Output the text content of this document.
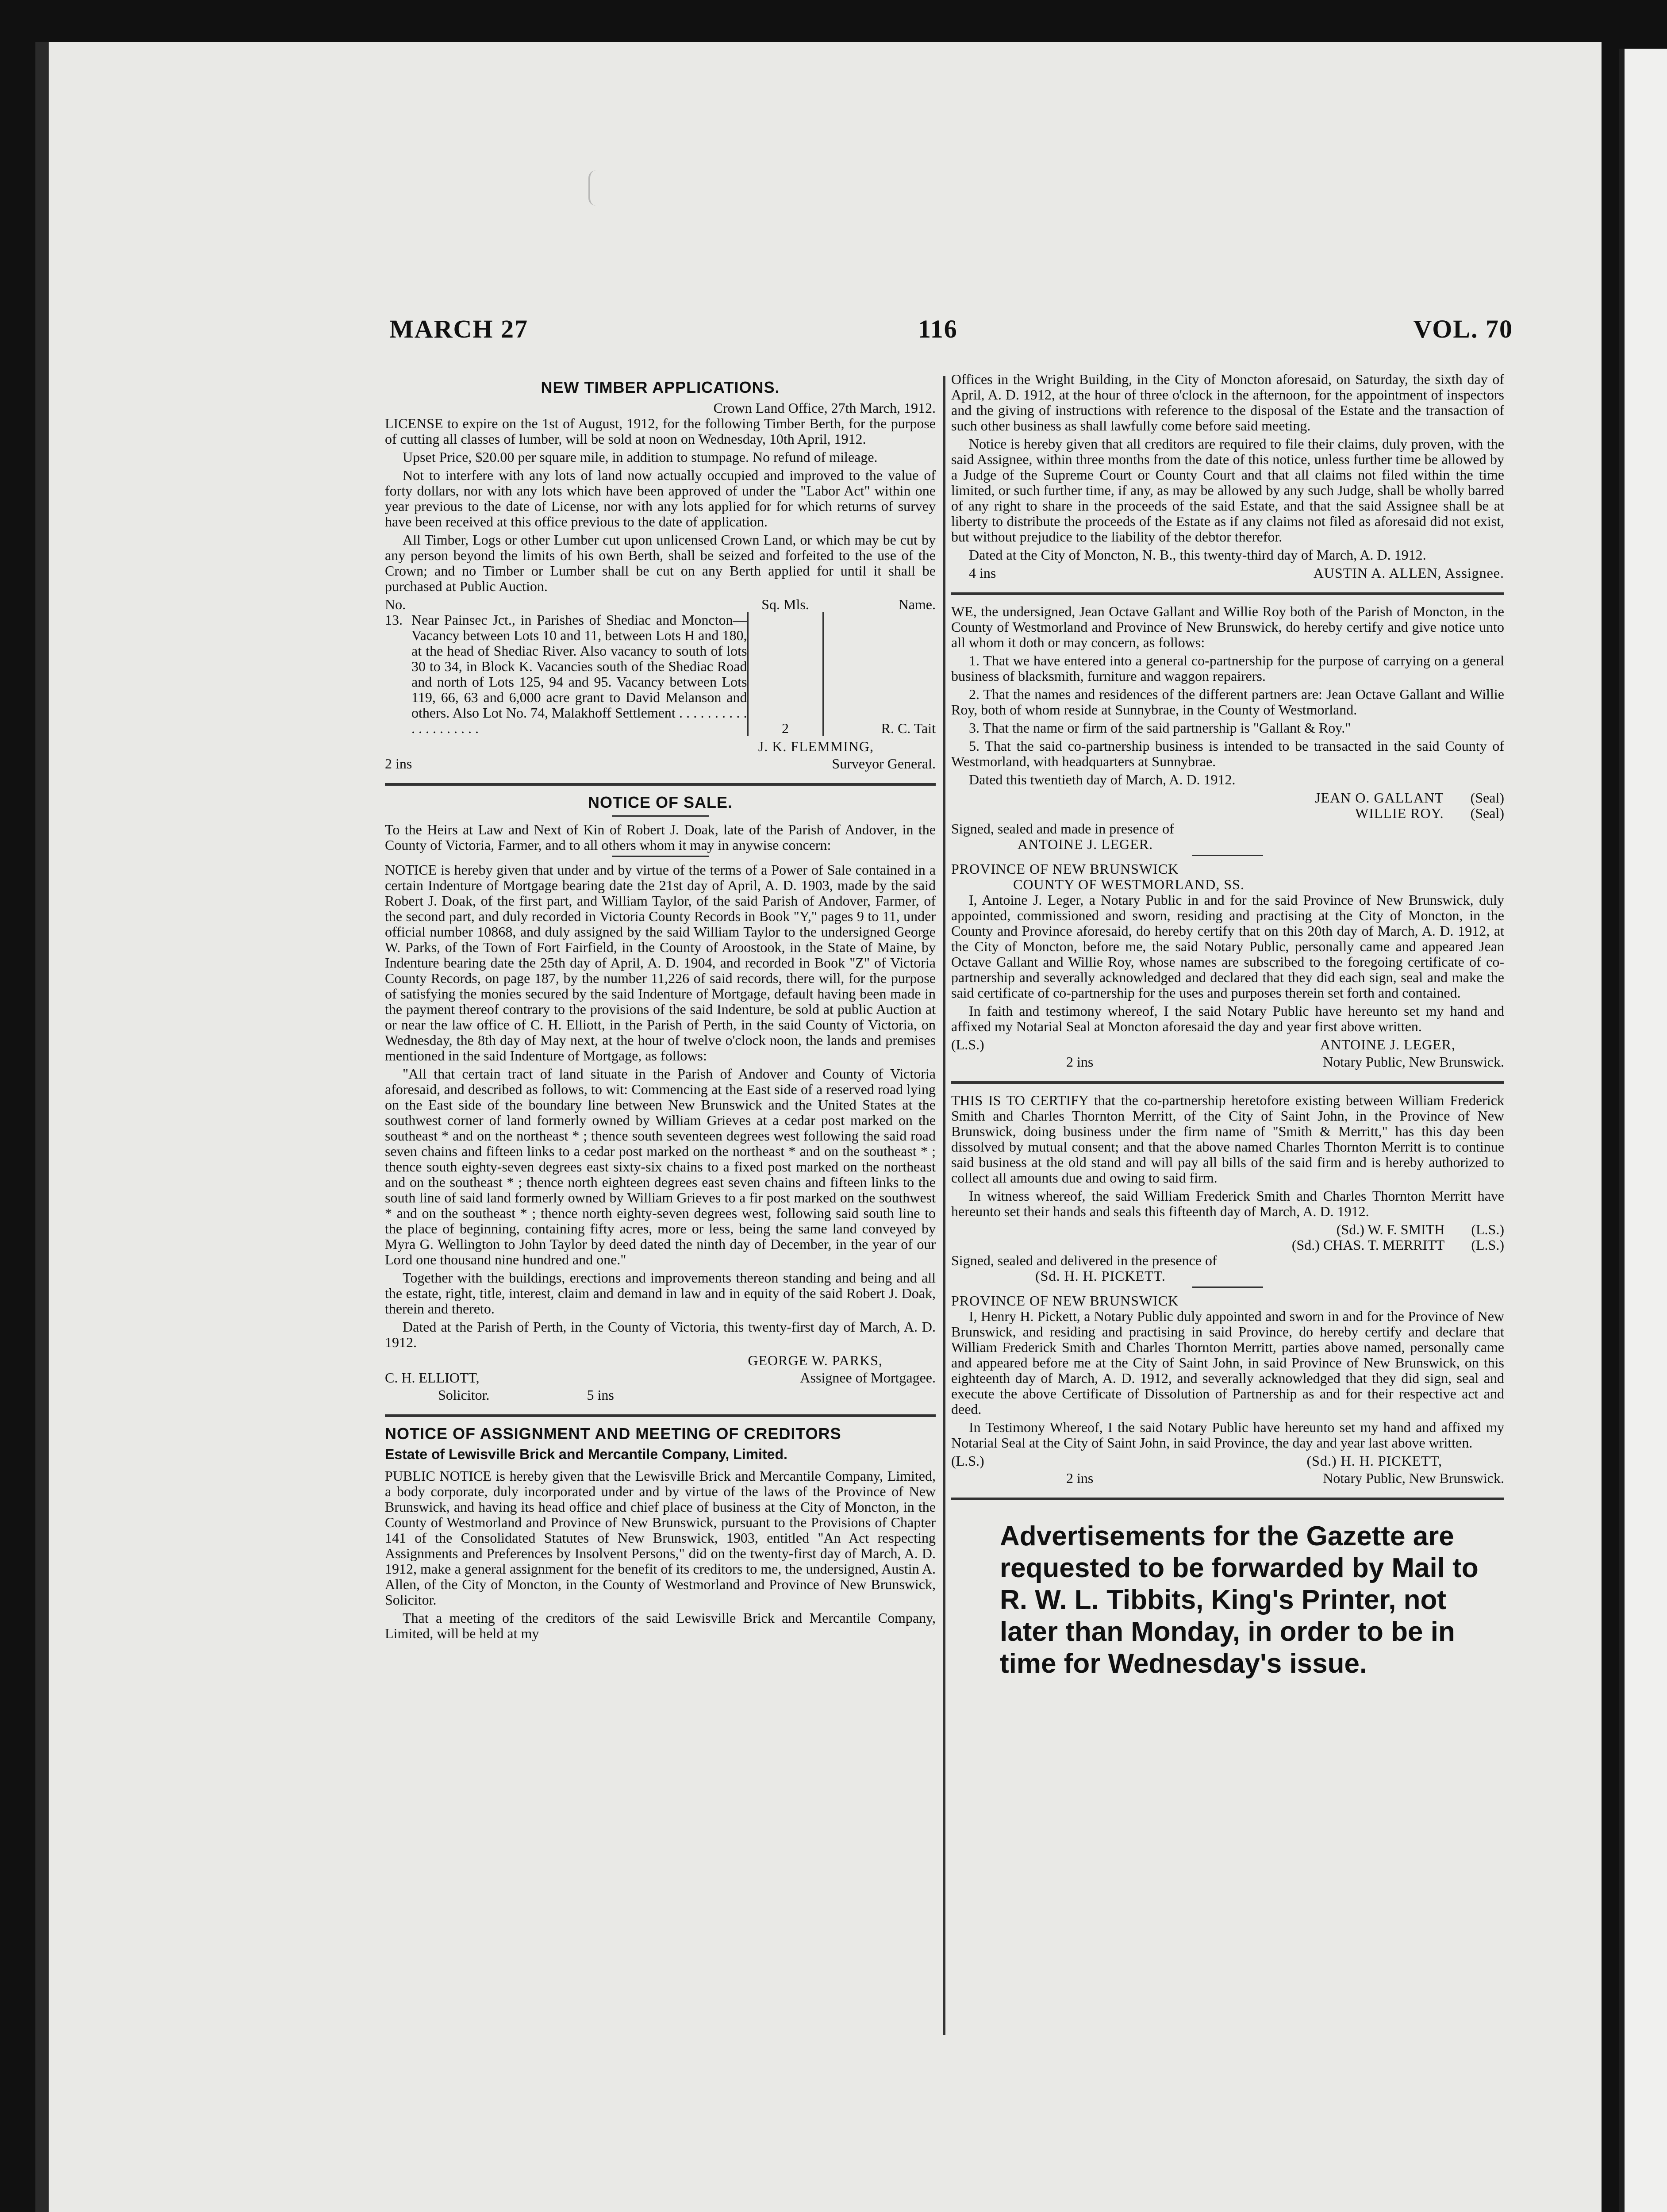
MARCH 27	116	VOL. 70
NEW TIMBER APPLICATIONS.
Crown Land Office, 27th March, 1912.

LICENSE to expire on the 1st of August, 1912, for the following Timber Berth, for the purpose of cutting all classes of lumber, will be sold at noon on Wednesday, 10th April, 1912.

Upset Price, $20.00 per square mile, in addition to stumpage. No refund of mileage.

Not to interfere with any lots of land now actually occupied and improved to the value of forty dollars, nor with any lots which have been approved of under the "Labor Act" within one year previous to the date of License, nor with any lots applied for for which returns of survey have been received at this office previous to the date of application.

All Timber, Logs or other Lumber cut upon unlicensed Crown Land, or which may be cut by any person beyond the limits of his own Berth, shall be seized and forfeited to the use of the Crown; and no Timber or Lumber shall be cut on any Berth applied for until it shall be purchased at Public Auction.

No.		Sq. Mls.	Name.
13.	Near Painsec Jct., in Parishes of Shediac and Moncton—Vacancy between Lots 10 and 11, between Lots H and 180, at the head of Shediac River. Also vacancy to south of lots 30 to 34, in Block K. Vacancies south of the Shediac Road and north of Lots 125, 94 and 95. Vacancy between Lots 119, 66, 63 and 6,000 acre grant to David Melanson and others. Also Lot No. 74, Malakhoff Settlement . . . . . . . . . . . . . . . . . . . .	2	R. C. Tait
J. K. FLEMMING,
2 ins	Surveyor General.
NOTICE OF SALE.

To the Heirs at Law and Next of Kin of Robert J. Doak, late of the Parish of Andover, in the County of Victoria, Farmer, and to all others whom it may in anywise concern:

NOTICE is hereby given that under and by virtue of the terms of a Power of Sale contained in a certain Indenture of Mortgage bearing date the 21st day of April, A. D. 1903, made by the said Robert J. Doak, of the first part, and William Taylor, of the said Parish of Andover, Farmer, of the second part, and duly recorded in Victoria County Records in Book "Y," pages 9 to 11, under official number 10868, and duly assigned by the said William Taylor to the undersigned George W. Parks, of the Town of Fort Fairfield, in the County of Aroostook, in the State of Maine, by Indenture bearing date the 25th day of April, A. D. 1904, and recorded in Book "Z" of Victoria County Records, on page 187, by the number 11,226 of said records, there will, for the purpose of satisfying the monies secured by the said Indenture of Mortgage, default having been made in the payment thereof contrary to the provisions of the said Indenture, be sold at public Auction at or near the law office of C. H. Elliott, in the Parish of Perth, in the said County of Victoria, on Wednesday, the 8th day of May next, at the hour of twelve o'clock noon, the lands and premises mentioned in the said Indenture of Mortgage, as follows:

"All that certain tract of land situate in the Parish of Andover and County of Victoria aforesaid, and described as follows, to wit: Commencing at the East side of a reserved road lying on the East side of the boundary line between New Brunswick and the United States at the southwest corner of land formerly owned by William Grieves at a cedar post marked on the southeast * and on the northeast * ; thence south seventeen degrees west following the said road seven chains and fifteen links to a cedar post marked on the northeast * and on the southeast * ; thence south eighty-seven degrees east sixty-six chains to a fixed post marked on the northeast and on the southeast * ; thence north eighteen degrees east seven chains and fifteen links to the south line of said land formerly owned by William Grieves to a fir post marked on the southwest * and on the southeast * ; thence north eighty-seven degrees west, following said south line to the place of beginning, containing fifty acres, more or less, being the same land conveyed by Myra G. Wellington to John Taylor by deed dated the ninth day of December, in the year of our Lord one thousand nine hundred and one."

Together with the buildings, erections and improvements thereon standing and being and all the estate, right, title, interest, claim and demand in law and in equity of the said Robert J. Doak, therein and thereto.

Dated at the Parish of Perth, in the County of Victoria, this twenty-first day of March, A. D. 1912.

GEORGE W. PARKS,
C. H. ELLIOTT,	Assignee of Mortgagee.
Solicitor.	5 ins
NOTICE OF ASSIGNMENT AND MEETING OF CREDITORS
Estate of Lewisville Brick and Mercantile Company, Limited.

PUBLIC NOTICE is hereby given that the Lewisville Brick and Mercantile Company, Limited, a body corporate, duly incorporated under and by virtue of the laws of the Province of New Brunswick, and having its head office and chief place of business at the City of Moncton, in the County of Westmorland and Province of New Brunswick, pursuant to the Provisions of Chapter 141 of the Consolidated Statutes of New Brunswick, 1903, entitled "An Act respecting Assignments and Preferences by Insolvent Persons," did on the twenty-first day of March, A. D. 1912, make a general assignment for the benefit of its creditors to me, the undersigned, Austin A. Allen, of the City of Moncton, in the County of Westmorland and Province of New Brunswick, Solicitor.

That a meeting of the creditors of the said Lewisville Brick and Mercantile Company, Limited, will be held at my

Offices in the Wright Building, in the City of Moncton aforesaid, on Saturday, the sixth day of April, A. D. 1912, at the hour of three o'clock in the afternoon, for the appointment of inspectors and the giving of instructions with reference to the disposal of the Estate and the transaction of such other business as shall lawfully come before said meeting.

Notice is hereby given that all creditors are required to file their claims, duly proven, with the said Assignee, within three months from the date of this notice, unless further time be allowed by a Judge of the Supreme Court or County Court and that all claims not filed within the time limited, or such further time, if any, as may be allowed by any such Judge, shall be wholly barred of any right to share in the proceeds of the said Estate, and that the said Assignee shall be at liberty to distribute the proceeds of the Estate as if any claims not filed as aforesaid did not exist, but without prejudice to the liability of the debtor therefor.

Dated at the City of Moncton, N. B., this twenty-third day of March, A. D. 1912.

4 ins	AUSTIN A. ALLEN, Assignee.

WE, the undersigned, Jean Octave Gallant and Willie Roy both of the Parish of Moncton, in the County of Westmorland and Province of New Brunswick, do hereby certify and give notice unto all whom it doth or may concern, as follows:

1. That we have entered into a general co-partnership for the purpose of carrying on a general business of blacksmith, furniture and waggon repairers.

2. That the names and residences of the different partners are: Jean Octave Gallant and Willie Roy, both of whom reside at Sunnybrae, in the County of Westmorland.

3. That the name or firm of the said partnership is "Gallant & Roy."

5. That the said co-partnership business is intended to be transacted in the said County of Westmorland, with headquarters at Sunnybrae.

Dated this twentieth day of March, A. D. 1912.

JEAN O. GALLANT (Seal)
WILLIE ROY. (Seal)
Signed, sealed and made in presence of
ANTOINE J. LEGER.
PROVINCE OF NEW BRUNSWICK
COUNTY OF WESTMORLAND, SS.

I, Antoine J. Leger, a Notary Public in and for the said Province of New Brunswick, duly appointed, commissioned and sworn, residing and practising at the City of Moncton, in the County and Province aforesaid, do hereby certify that on this 20th day of March, A. D. 1912, at the City of Moncton, before me, the said Notary Public, personally came and appeared Jean Octave Gallant and Willie Roy, whose names are subscribed to the foregoing certificate of co-partnership and severally acknowledged and declared that they did each sign, seal and make the said certificate of co-partnership for the uses and purposes therein set forth and contained.

In faith and testimony whereof, I the said Notary Public have hereunto set my hand and affixed my Notarial Seal at Moncton aforesaid the day and year first above written.

(L.S.)	ANTOINE J. LEGER,
2 ins	Notary Public, New Brunswick.

THIS IS TO CERTIFY that the co-partnership heretofore existing between William Frederick Smith and Charles Thornton Merritt, of the City of Saint John, in the Province of New Brunswick, doing business under the firm name of "Smith & Merritt," has this day been dissolved by mutual consent; and that the above named Charles Thornton Merritt is to continue said business at the old stand and will pay all bills of the said firm and is hereby authorized to collect all amounts due and owing to said firm.

In witness whereof, the said William Frederick Smith and Charles Thornton Merritt have hereunto set their hands and seals this fifteenth day of March, A. D. 1912.

(Sd.) W. F. SMITH (L.S.)
(Sd.) CHAS. T. MERRITT (L.S.)
Signed, sealed and delivered in the presence of
(Sd. H. H. PICKETT.
PROVINCE OF NEW BRUNSWICK

I, Henry H. Pickett, a Notary Public duly appointed and sworn in and for the Province of New Brunswick, and residing and practising in said Province, do hereby certify and declare that William Frederick Smith and Charles Thornton Merritt, parties above named, personally came and appeared before me at the City of Saint John, in said Province of New Brunswick, on this eighteenth day of March, A. D. 1912, and severally acknowledged that they did sign, seal and execute the above Certificate of Dissolution of Partnership as and for their respective act and deed.

In Testimony Whereof, I the said Notary Public have hereunto set my hand and affixed my Notarial Seal at the City of Saint John, in said Province, the day and year last above written.

(L.S.)	(Sd.) H. H. PICKETT,
2 ins	Notary Public, New Brunswick.
Advertisements for the Gazette are requested to be forwarded by Mail to R. W. L. Tibbits, King's Printer, not later than Monday, in order to be in time for Wednesday's issue.
